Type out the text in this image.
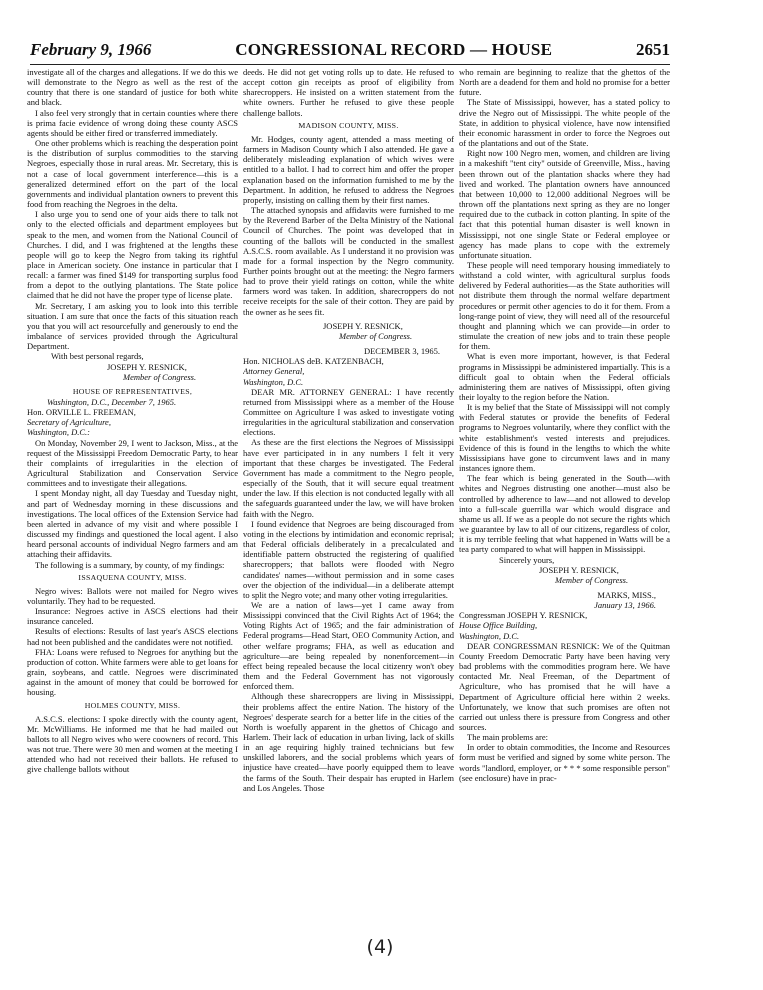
February 9, 1966	CONGRESSIONAL RECORD — HOUSE	2651

investigate all of the charges and allegations. If we do this we will demonstrate to the Negro as well as the rest of the country that there is one standard of justice for both white and black.

I also feel very strongly that in certain counties where there is prima facie evidence of wrong doing these county ASCS agents should be either fired or transferred immediately.

One other problems which is reaching the desperation point is the distribution of surplus commodities to the starving Negroes, especially those in rural areas. Mr. Secretary, this is not a case of local government interference—this is a generalized determined effort on the part of the local governments and individual plantation owners to prevent this food from reaching the Negroes in the delta.

I also urge you to send one of your aids there to talk not only to the elected officials and department employees but speak to the men, and women from the National Council of Churches. I did, and I was frightened at the lengths these people will go to keep the Negro from taking its rightful place in American society. One instance in particular that I recall: a farmer was fined $149 for transporting surplus food from a depot to the outlying plantations. The State police claimed that he did not have the proper type of license plate.

Mr. Secretary, I am asking you to look into this terrible situation. I am sure that once the facts of this situation reach you that you will act resourcefully and generously to end the imbalance of services provided through the Agricultural Department.

With best personal regards,

JOSEPH Y. RESNICK,

Member of Congress.

HOUSE OF REPRESENTATIVES,

Washington, D.C., December 7, 1965.

Hon. ORVILLE L. FREEMAN,

Secretary of Agriculture,

Washington, D.C.:

On Monday, November 29, I went to Jackson, Miss., at the request of the Mississippi Freedom Democratic Party, to hear their complaints of irregularities in the election of Agricultural Stabilization and Conservation Service committees and to investigate their allegations.

I spent Monday night, all day Tuesday and Tuesday night, and part of Wednesday morning in these discussions and investigations. The local offices of the Extension Service had been alerted in advance of my visit and where possible I discussed my findings and questioned the local agent. I also heard personal accounts of individual Negro farmers and am attaching their affidavits.

The following is a summary, by county, of my findings:

ISSAQUENA COUNTY, MISS.

Negro wives: Ballots were not mailed for Negro wives voluntarily. They had to be requested.

Insurance: Negroes active in ASCS elections had their insurance canceled.

Results of elections: Results of last year's ASCS elections had not been published and the candidates were not notified.

FHA: Loans were refused to Negroes for anything but the production of cotton. White farmers were able to get loans for grain, soybeans, and cattle. Negroes were discriminated against in the amount of money that could be borrowed for housing.

HOLMES COUNTY, MISS.

A.S.C.S. elections: I spoke directly with the county agent, Mr. McWilliams. He informed me that he had mailed out ballots to all Negro wives who were coowners of record. This was not true. There were 30 men and women at the meeting I attended who had not received their ballots. He refused to give challenge ballots without

deeds. He did not get voting rolls up to date. He refused to accept cotton gin receipts as proof of eligibility from sharecroppers. He insisted on a written statement from the white owners. Further he refused to give these people challenge ballots.

MADISON COUNTY, MISS.

Mr. Hodges, county agent, attended a mass meeting of farmers in Madison County which I also attended. He gave a deliberately misleading explanation of which wives were entitled to a ballot. I had to correct him and offer the proper explanation based on the information furnished to me by the Department. In addition, he refused to address the Negroes properly, insisting on calling them by their first names.

The attached synopsis and affidavits were furnished to me by the Reverend Barber of the Delta Ministry of the National Council of Churches. The point was developed that in counting of the ballots will be conducted in the smallest A.S.C.S. room available. As I understand it no provision was made for a formal inspection by the Negro community. Further points brought out at the meeting: the Negro farmers had to prove their yield ratings on cotton, while the white farmers word was taken. In addition, sharecroppers do not receive receipts for the sale of their cotton. They are paid by the owner as he sees fit.

JOSEPH Y. RESNICK,

Member of Congress.

DECEMBER 3, 1965.

Hon. NICHOLAS deB. KATZENBACH,

Attorney General,

Washington, D.C.

DEAR MR. ATTORNEY GENERAL: I have recently returned from Mississippi where as a member of the House Committee on Agriculture I was asked to investigate voting irregularities in the agricultural stabilization and conservation elections.

As these are the first elections the Negroes of Mississippi have ever participated in in any numbers I felt it very important that these charges be investigated. The Federal Government has made a commitment to the Negro people, especially of the South, that it will secure equal treatment under the law. If this election is not conducted legally with all the safeguards guaranteed under the law, we will have broken faith with the Negro.

I found evidence that Negroes are being discouraged from voting in the elections by intimidation and economic reprisal; that Federal officials deliberately in a precalculated and identifiable pattern obstructed the registering of qualified sharecroppers; that ballots were flooded with Negro candidates' names—without permission and in some cases over the objection of the individual—in a deliberate attempt to split the Negro vote; and many other voting irregularities.

We are a nation of laws—yet I came away from Mississippi convinced that the Civil Rights Act of 1964; the Voting Rights Act of 1965; and the fair administration of Federal programs—Head Start, OEO Community Action, and other welfare programs; FHA, as well as education and agriculture—are being repealed by nonenforcement—in effect being repealed because the local citizenry won't obey them and the Federal Government has not vigorously enforced them.

Although these sharecroppers are living in Mississippi, their problems affect the entire Nation. The history of the Negroes' desperate search for a better life in the cities of the North is woefully apparent in the ghettos of Chicago and Harlem. Their lack of education in urban living, lack of skills in an age requiring highly trained technicians but few unskilled laborers, and the social problems which years of injustice have created—have poorly equipped them to leave the farms of the South. Their despair has erupted in Harlem and Los Angeles. Those

who remain are beginning to realize that the ghettos of the North are a deadend for them and hold no promise for a better future.

The State of Mississippi, however, has a stated policy to drive the Negro out of Mississippi. The white people of the State, in addition to physical violence, have now intensified their economic harassment in order to force the Negroes out of the plantations and out of the State.

Right now 100 Negro men, women, and children are living in a makeshift "tent city" outside of Greenville, Miss., having been thrown out of the plantation shacks where they had lived and worked. The plantation owners have announced that between 10,000 to 12,000 additional Negroes will be thrown off the plantations next spring as they are no longer required due to the cutback in cotton planting. In spite of the fact that this potential human disaster is well known in Mississippi, not one single State or Federal employee or agency has made plans to cope with the extremely unfortunate situation.

These people will need temporary housing immediately to withstand a cold winter, with agricultural surplus foods delivered by Federal authorities—as the State authorities will not distribute them through the normal welfare department procedures or permit other agencies to do it for them. From a long-range point of view, they will need all of the resourceful thought and planning which we can provide—in order to stimulate the creation of new jobs and to train these people for them.

What is even more important, however, is that Federal programs in Mississippi be administered impartially. This is a difficult goal to obtain when the Federal officials administering them are natives of Mississippi, often giving their loyalty to the region before the Nation.

It is my belief that the State of Mississippi will not comply with Federal statutes or provide the benefits of Federal programs to Negroes voluntarily, where they conflict with the white establishment's vested interests and prejudices. Evidence of this is found in the lengths to which the white Mississipians have gone to circumvent laws and in many instances ignore them.

The fear which is being generated in the South—with whites and Negroes distrusting one another—must also be controlled by adherence to law—and not allowed to develop into a full-scale guerrilla war which would disgrace and shame us all. If we as a people do not secure the rights which we guarantee by law to all of our citizens, regardless of color, it is my terrible feeling that what happened in Watts will be a tea party compared to what will happen in Mississippi.

Sincerely yours,

JOSEPH Y. RESNICK,

Member of Congress.

MARKS, MISS.,

January 13, 1966.

Congressman JOSEPH Y. RESNICK,

House Office Building,

Washington, D.C.

DEAR CONGRESSMAN RESNICK: We of the Quitman County Freedom Democratic Party have been having very bad problems with the commodities program here. We have contacted Mr. Neal Freeman, of the Department of Agriculture, who has promised that he will have a Department of Agriculture official here within 2 weeks. Unfortunately, we know that such promises are often not carried out unless there is pressure from Congress and other sources.

The main problems are:

In order to obtain commodities, the Income and Resources form must be verified and signed by some white person. The words "landlord, employer, or * * * some responsible person" (see enclosure) have in prac-

(4)
